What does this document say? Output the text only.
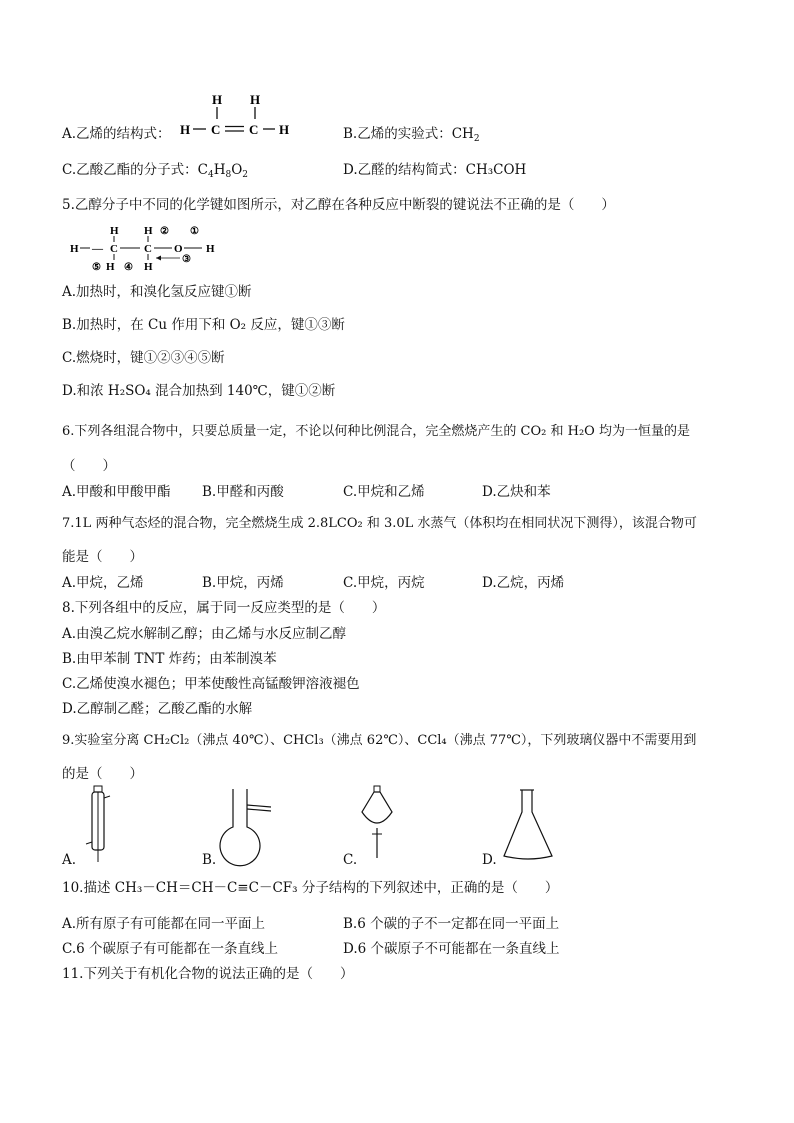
A.乙烯的结构式：
H H
H C C H	B.乙烯的实验式：$CH_2$
C.乙酸乙酯的分子式：$C_4H_8O_2$	D.乙醛的结构简式：CH₃COH
5.乙醇分子中不同的化学键如图所示，对乙醇在各种反应中断裂的键说法不正确的是（　　）
H H
H — C C O H
H	H
② ①
③
⑤ ④
A.加热时，和溴化氢反应键①断
B.加热时，在 Cu 作用下和 O₂ 反应，键①③断
C.燃烧时，键①②③④⑤断
D.和浓 H₂SO₄ 混合加热到 140℃，键①②断
6.下列各组混合物中，只要总质量一定，不论以何种比例混合，完全燃烧产生的 CO₂ 和 H₂O 均为一恒量的是
（　　）
A.甲酸和甲酸甲酯 B.甲醛和丙酸	C.甲烷和乙烯	D.乙炔和苯
7.1L 两种气态烃的混合物，完全燃烧生成 2.8LCO₂ 和 3.0L 水蒸气（体积均在相同状况下测得），该混合物可
能是（　　）
A.甲烷，乙烯	B.甲烷，丙烯	C.甲烷，丙烷	D.乙烷，丙烯
8.下列各组中的反应，属于同一反应类型的是（　　）
A.由溴乙烷水解制乙醇；由乙烯与水反应制乙醇
B.由甲苯制 TNT 炸药；由苯制溴苯
C.乙烯使溴水褪色；甲苯使酸性高锰酸钾溶液褪色
D.乙醇制乙醛；乙酸乙酯的水解
9.实验室分离 CH₂Cl₂（沸点 40℃）、CHCl₃（沸点 62℃）、CCl₄（沸点 77℃），下列玻璃仪器中不需要用到
的是（　　）
A.	B.	C.	D.
10.描述 CH₃－CH＝CH－C≡C－CF₃ 分子结构的下列叙述中，正确的是（　　）
A.所有原子有可能都在同一平面上	B.6 个碳的子不一定都在同一平面上
C.6 个碳原子有可能都在一条直线上	D.6 个碳原子不可能都在一条直线上
11.下列关于有机化合物的说法正确的是（　　）
